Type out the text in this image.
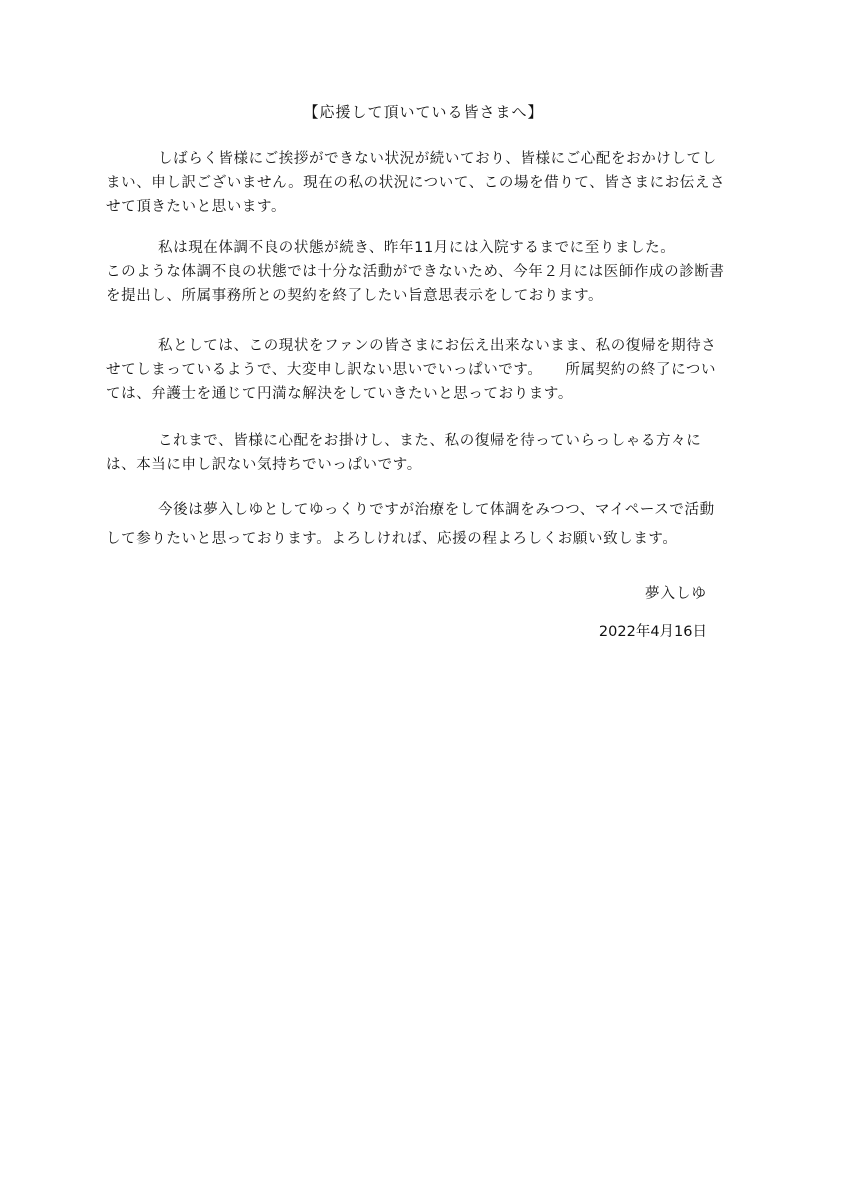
【応援して頂いている皆さまへ】
しばらく皆様にご挨拶ができない状況が続いており、皆様にご心配をおかけしてし
まい、申し訳ございません。現在の私の状況について、この場を借りて、皆さまにお伝えさ
せて頂きたいと思います。
私は現在体調不良の状態が続き、昨年11月には入院するまでに至りました。
このような体調不良の状態では十分な活動ができないため、今年２月には医師作成の診断書
を提出し、所属事務所との契約を終了したい旨意思表示をしております。
私としては、この現状をファンの皆さまにお伝え出来ないまま、私の復帰を期待さ
せてしまっているようで、大変申し訳ない思いでいっぱいです。　　所属契約の終了につい
ては、弁護士を通じて円満な解決をしていきたいと思っております。
これまで、皆様に心配をお掛けし、また、私の復帰を待っていらっしゃる方々に
は、本当に申し訳ない気持ちでいっぱいです。
今後は夢入しゆとしてゆっくりですが治療をして体調をみつつ、マイペースで活動
して参りたいと思っております。よろしければ、応援の程よろしくお願い致します。
夢入しゆ
2022年4月16日
